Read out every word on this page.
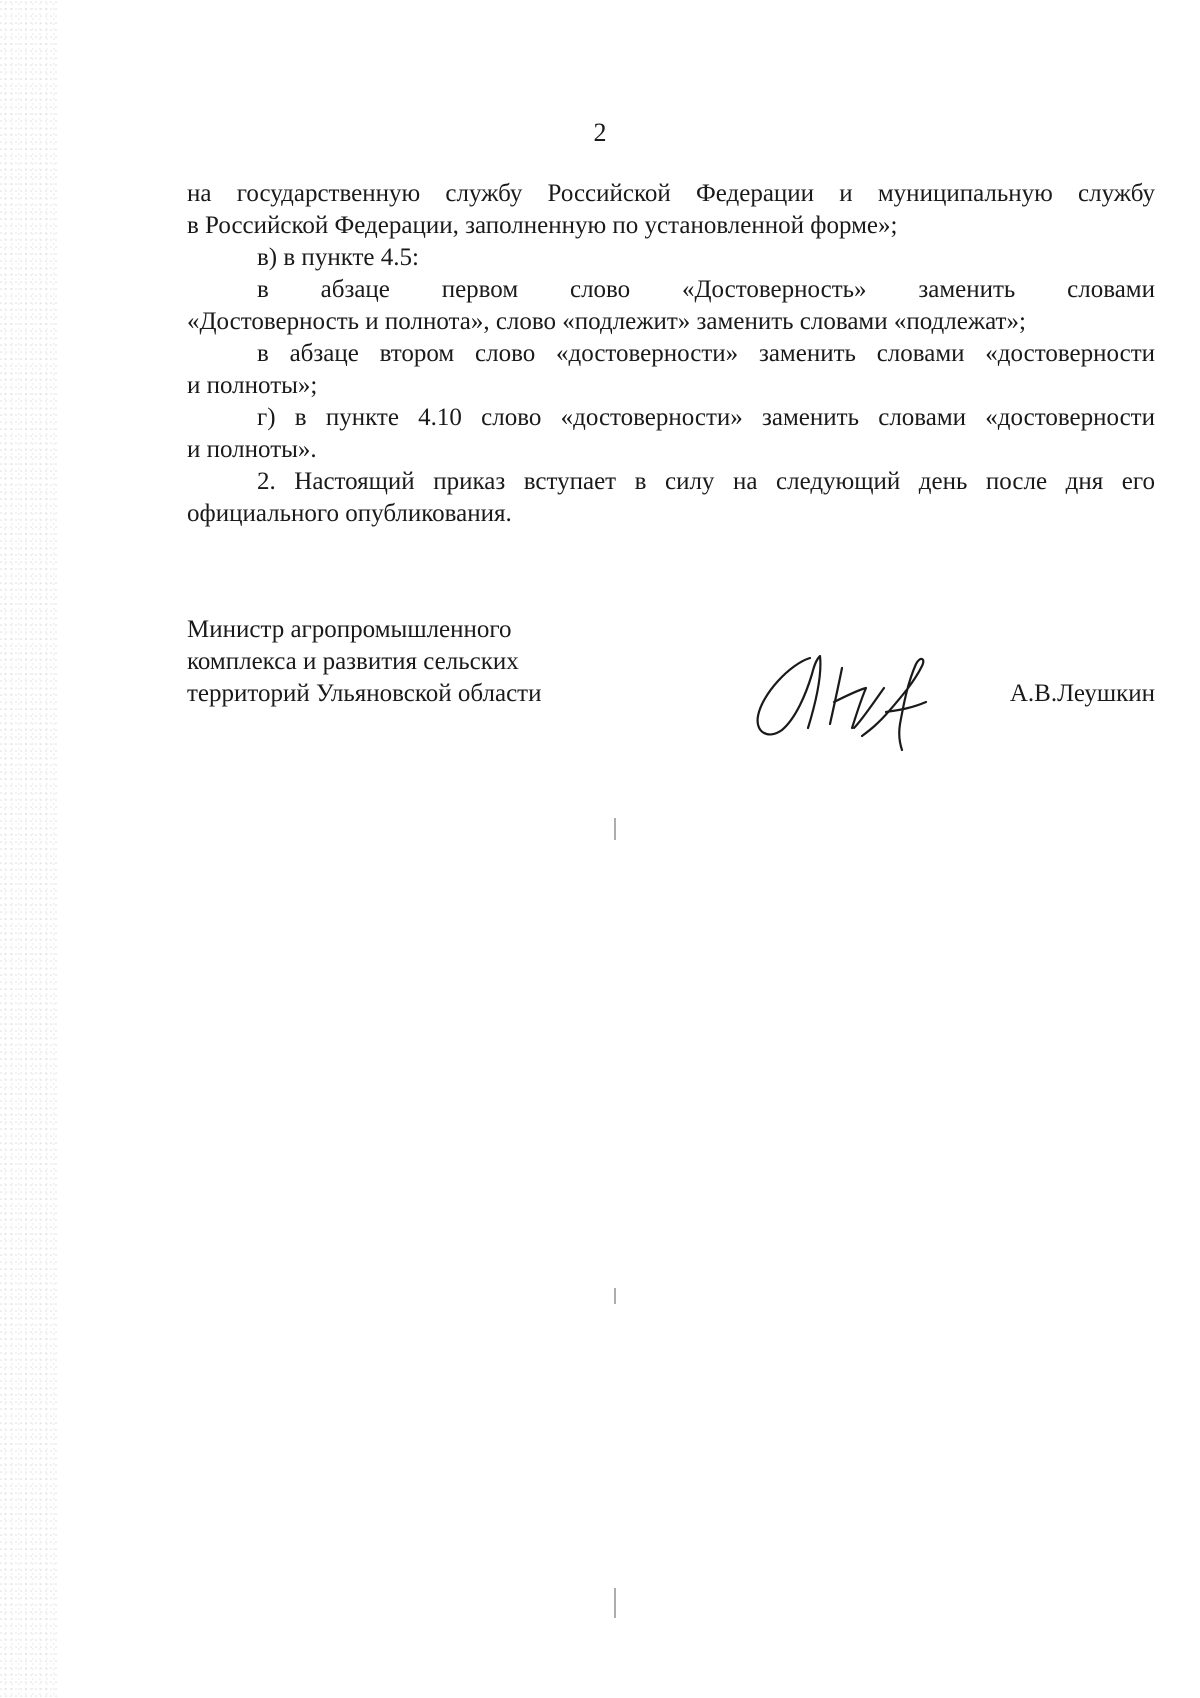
2
на государственную службу Российской Федерации и муниципальную службу
в Российской Федерации, заполненную по установленной форме»;
в) в пункте 4.5:
в абзаце первом слово «Достоверность» заменить словами
«Достоверность и полнота», слово «подлежит» заменить словами «подлежат»;
в абзаце втором слово «достоверности» заменить словами «достоверности
и полноты»;
г) в пункте 4.10 слово «достоверности» заменить словами «достоверности
и полноты».
2. Настоящий приказ вступает в силу на следующий день после дня его
официального опубликования.
Министр агропромышленного
комплекса и развития сельских
территорий Ульяновской области	А.В.Леушкин
